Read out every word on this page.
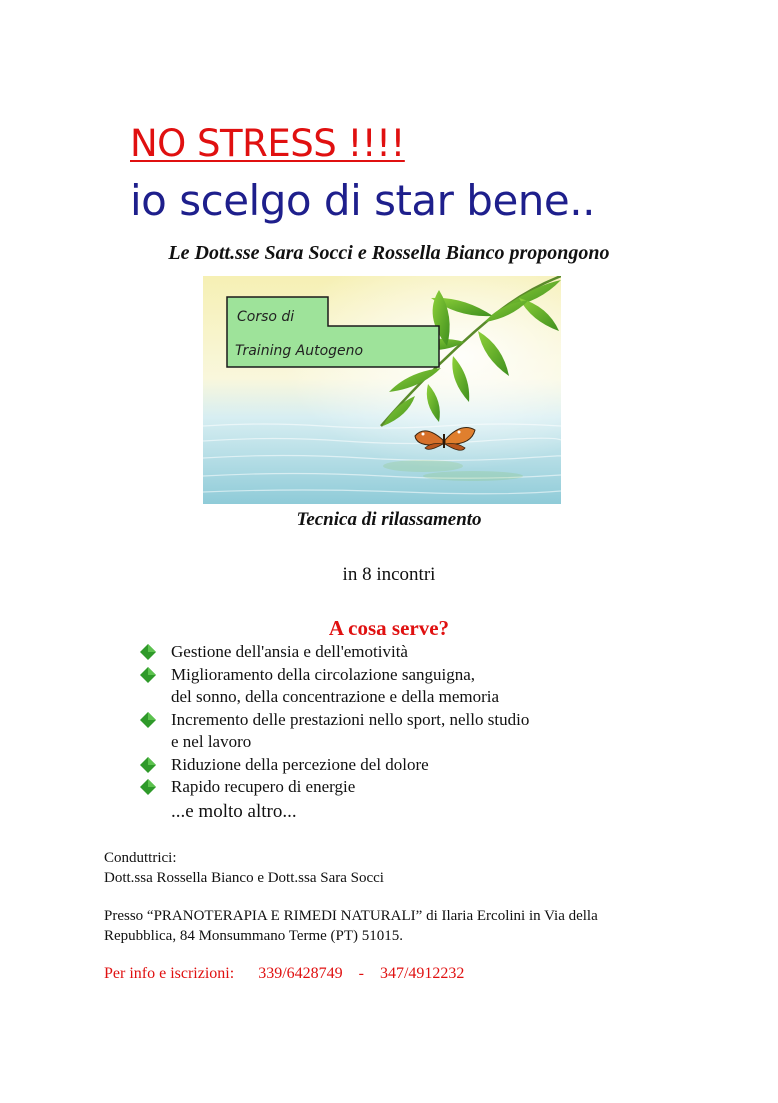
NO STRESS !!!!
io scelgo di star bene..
Le Dott.sse Sara Socci e Rossella Bianco propongono
Corso di
Training Autogeno
Tecnica di rilassamento
in 8 incontri
A cosa serve?
Gestione dell'ansia e dell'emotività
Miglioramento della circolazione sanguigna,
del sonno, della concentrazione e della memoria
Incremento delle prestazioni nello sport, nello studio
e nel lavoro
Riduzione della percezione del dolore
Rapido recupero di energie
...e molto altro...
Conduttrici:
Dott.ssa Rossella Bianco e Dott.ssa Sara Socci
Presso “PRANOTERAPIA E RIMEDI NATURALI” di Ilaria Ercolini in Via della
Repubblica, 84 Monsummano Terme (PT) 51015.
Per info e iscrizioni: 339/6428749 - 347/4912232
